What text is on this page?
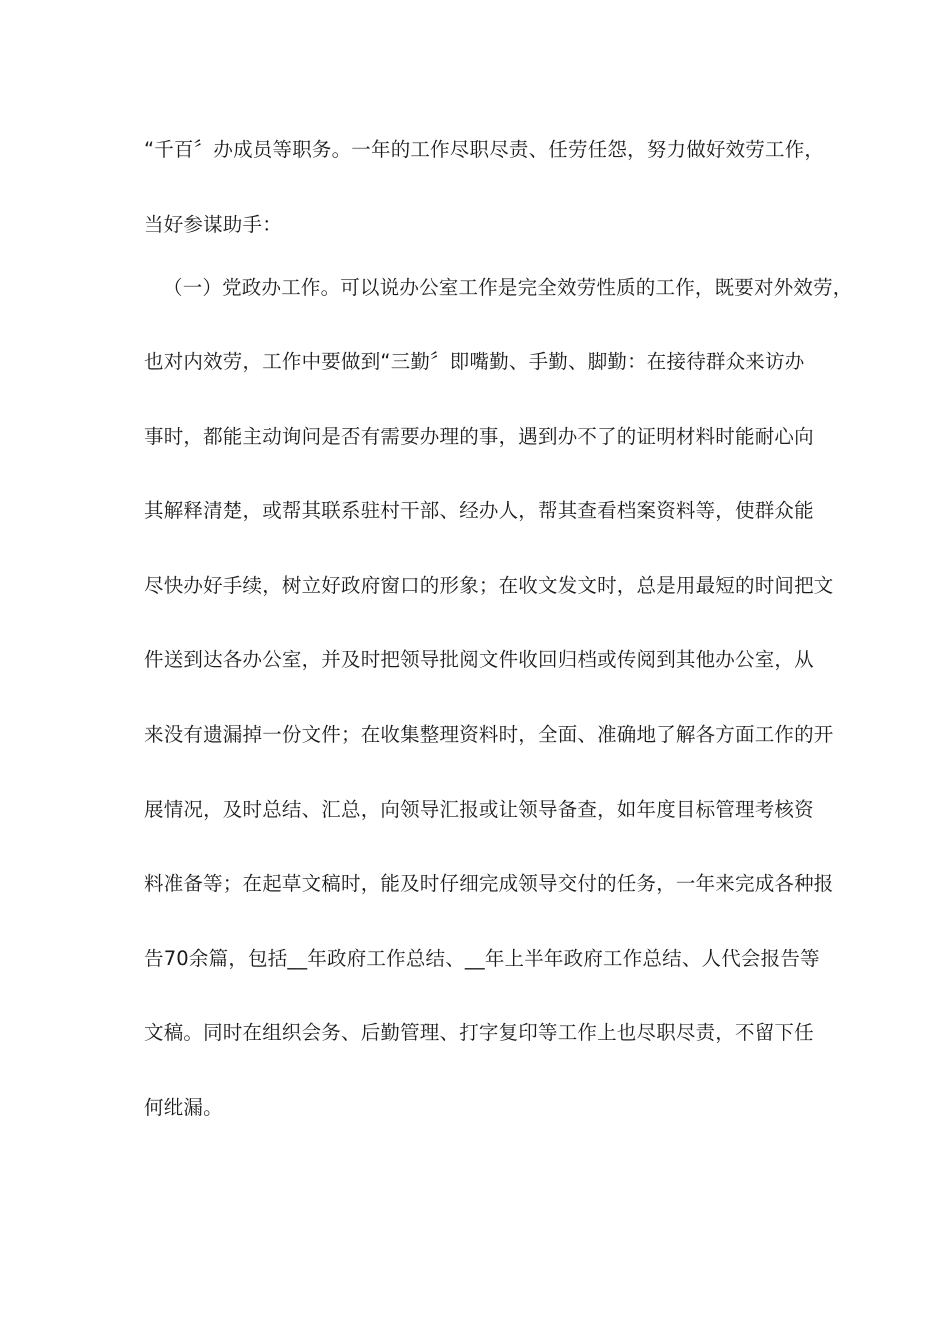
“千百〞办成员等职务。一年的工作尽职尽责、任劳任怨，努力做好效劳工作，
当好参谋助手：
（一）党政办工作。可以说办公室工作是完全效劳性质的工作，既要对外效劳，
也对内效劳，工作中要做到“三勤〞即嘴勤、手勤、脚勤：在接待群众来访办
事时，都能主动询问是否有需要办理的事，遇到办不了的证明材料时能耐心向
其解释清楚，或帮其联系驻村干部、经办人，帮其查看档案资料等，使群众能
尽快办好手续，树立好政府窗口的形象；在收文发文时，总是用最短的时间把文
件送到达各办公室，并及时把领导批阅文件收回归档或传阅到其他办公室，从
来没有遗漏掉一份文件；在收集整理资料时，全面、准确地了解各方面工作的开
展情况，及时总结、汇总，向领导汇报或让领导备查，如年度目标管理考核资
料准备等；在起草文稿时，能及时仔细完成领导交付的任务，一年来完成各种报
告70余篇，包括__年政府工作总结、__年上半年政府工作总结、人代会报告等
文稿。同时在组织会务、后勤管理、打字复印等工作上也尽职尽责，不留下任
何纰漏。
